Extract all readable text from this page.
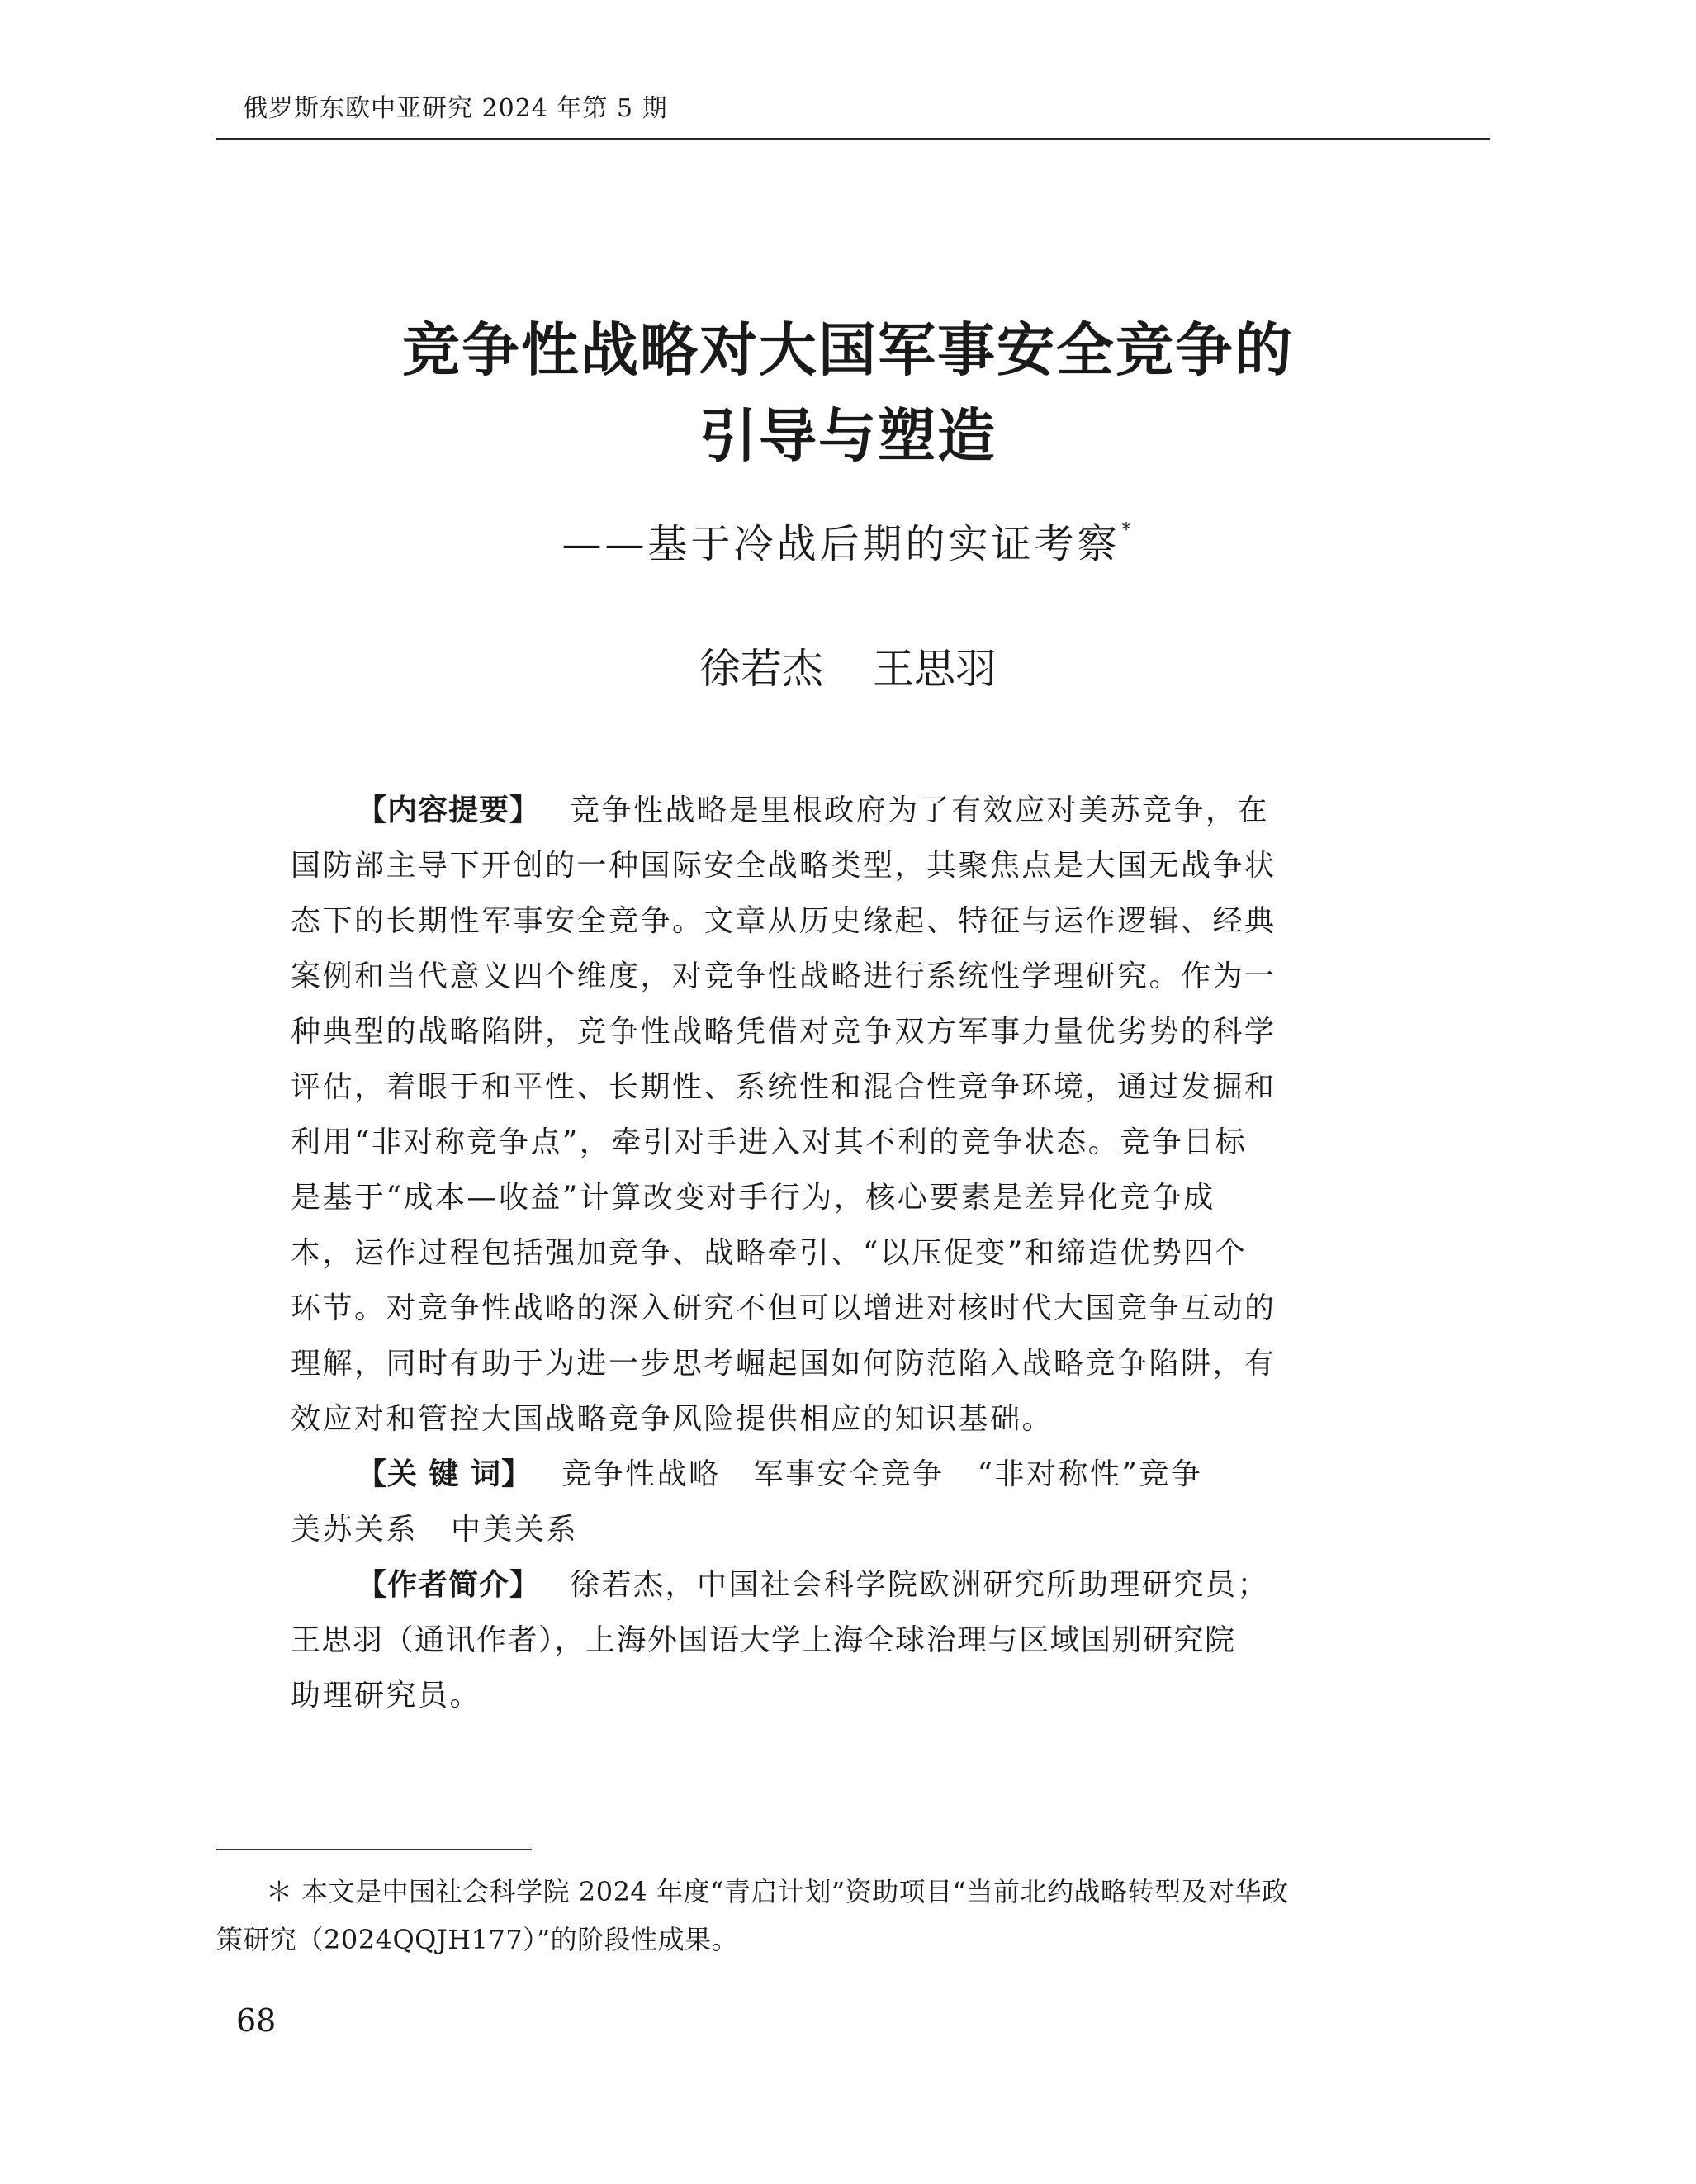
俄罗斯东欧中亚研究 2024 年第 5 期
竞争性战略对大国军事安全竞争的
引导与塑造
——基于冷战后期的实证考察*
徐若杰 王思羽
【内容提要】 竞争性战略是里根政府为了有效应对美苏竞争，在
国防部主导下开创的一种国际安全战略类型，其聚焦点是大国无战争状
态下的长期性军事安全竞争。文章从历史缘起、特征与运作逻辑、经典
案例和当代意义四个维度，对竞争性战略进行系统性学理研究。作为一
种典型的战略陷阱，竞争性战略凭借对竞争双方军事力量优劣势的科学
评估，着眼于和平性、长期性、系统性和混合性竞争环境，通过发掘和
利用“非对称竞争点”，牵引对手进入对其不利的竞争状态。竞争目标
是基于“成本—收益”计算改变对手行为，核心要素是差异化竞争成
本，运作过程包括强加竞争、战略牵引、“以压促变”和缔造优势四个
环节。对竞争性战略的深入研究不但可以增进对核时代大国竞争互动的
理解，同时有助于为进一步思考崛起国如何防范陷入战略竞争陷阱，有
效应对和管控大国战略竞争风险提供相应的知识基础。
【关 键 词】 竞争性战略 军事安全竞争 “非对称性”竞争
美苏关系 中美关系
【作者简介】 徐若杰，中国社会科学院欧洲研究所助理研究员；
王思羽（通讯作者），上海外国语大学上海全球治理与区域国别研究院
助理研究员。
＊ 本文是中国社会科学院 2024 年度“青启计划”资助项目“当前北约战略转型及对华政
策研究（2024QQJH177）”的阶段性成果。
68
